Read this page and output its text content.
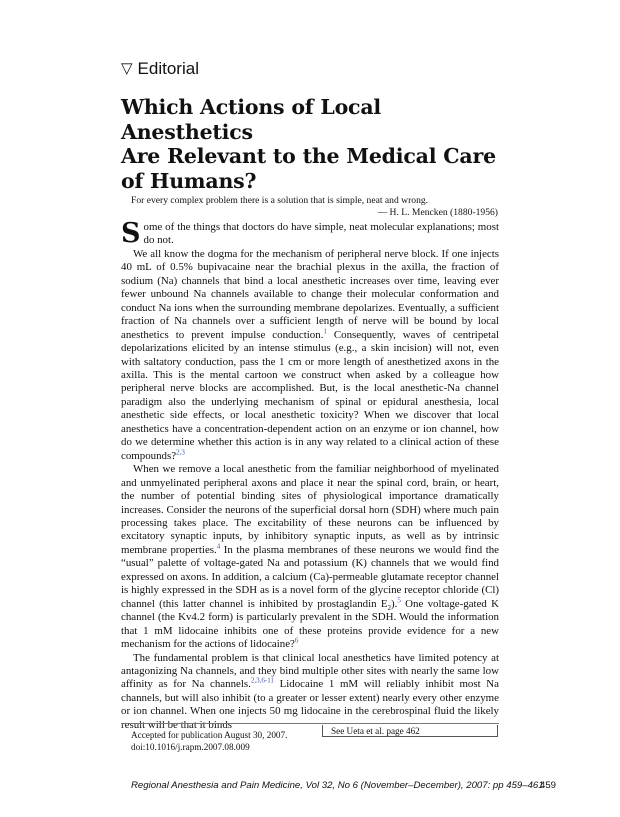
▽ Editorial
Which Actions of Local Anesthetics
Are Relevant to the Medical Care
of Humans?
For every complex problem there is a solution that is simple, neat and wrong.
— H. L. Mencken (1880-1956)

Some of the things that doctors do have simple, neat molecular explanations; most do not.

We all know the dogma for the mechanism of peripheral nerve block. If one injects 40 mL of 0.5% bupivacaine near the brachial plexus in the axilla, the fraction of sodium (Na) channels that bind a local anesthetic increases over time, leaving ever fewer unbound Na channels available to change their molecular conformation and conduct Na ions when the surrounding membrane depolarizes. Eventually, a sufficient fraction of Na channels over a sufficient length of nerve will be bound by local anesthetics to prevent impulse conduction.$^1$ Consequently, waves of centripetal depolarizations elicited by an intense stimulus (e.g., a skin incision) will not, even with saltatory conduction, pass the 1 cm or more length of anesthetized axons in the axilla. This is the mental cartoon we construct when asked by a colleague how peripheral nerve blocks are accomplished. But, is the local anesthetic-Na channel paradigm also the underlying mechanism of spinal or epidural anesthesia, local anesthetic side effects, or local anesthetic toxicity? When we discover that local anesthetics have a concentration-dependent action on an enzyme or ion channel, how do we determine whether this action is in any way related to a clinical action of these compounds?$^{2,3}$

When we remove a local anesthetic from the familiar neighborhood of myelinated and unmyelinated peripheral axons and place it near the spinal cord, brain, or heart, the number of potential binding sites of physiological importance dramatically increases. Consider the neurons of the superficial dorsal horn (SDH) where much pain processing takes place. The excitability of these neurons can be influenced by excitatory synaptic inputs, by inhibitory synaptic inputs, as well as by intrinsic membrane properties.$^4$ In the plasma membranes of these neurons we would find the “usual” palette of voltage-gated Na and potassium (K) channels that we would find expressed on axons. In addition, a calcium (Ca)-permeable glutamate receptor channel is highly expressed in the SDH as is a novel form of the glycine receptor chloride (Cl) channel (this latter channel is inhibited by prostaglandin $E_2).^5$ One voltage-gated K channel (the Kv4.2 form) is particularly prevalent in the SDH. Would the information that 1 mM lidocaine inhibits one of these proteins provide evidence for a new mechanism for the actions of lidocaine?$^6$

The fundamental problem is that clinical local anesthetics have limited potency at antagonizing Na channels, and they bind multiple other sites with nearly the same low affinity as for Na channels.$^{2,3,6-11}$ Lidocaine 1 mM will reliably inhibit most Na channels, but will also inhibit (to a greater or lesser extent) nearly every other enzyme or ion channel. When one injects 50 mg lidocaine in the cerebrospinal fluid the likely result will be that it binds

Accepted for publication August 30, 2007.
doi:10.1016/j.rapm.2007.08.009
See Ueta et al. page 462
Regional Anesthesia and Pain Medicine, Vol 32, No 6 (November–December), 2007: pp 459–461
459
